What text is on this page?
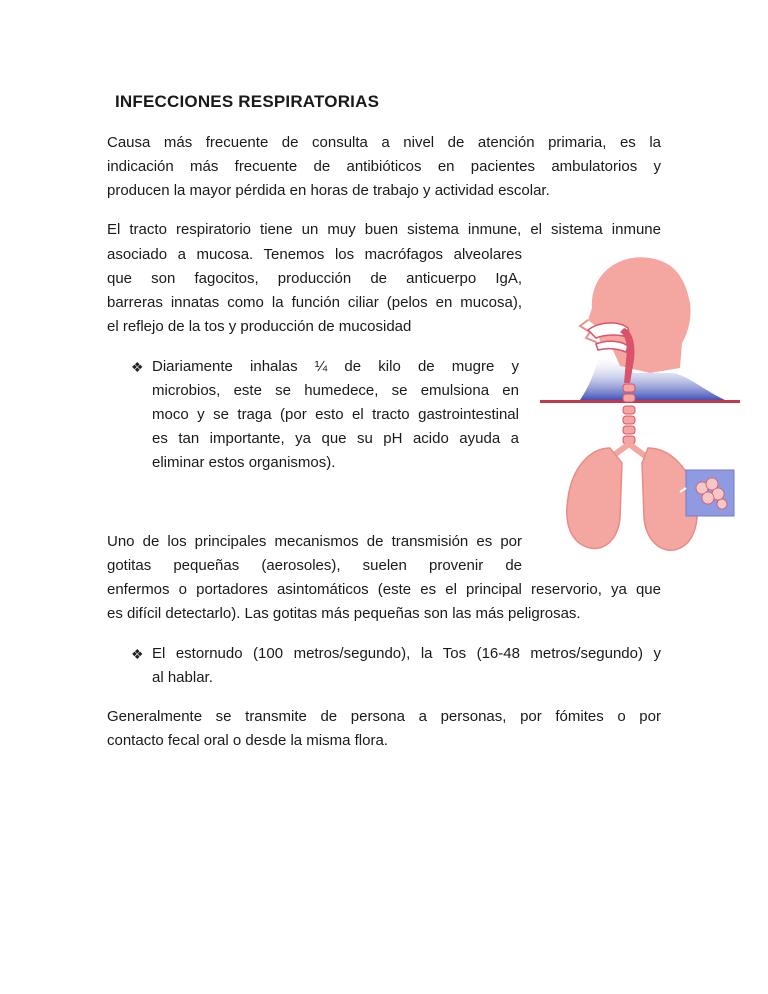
INFECCIONES RESPIRATORIAS
Causa más frecuente de consulta a nivel de atención primaria, es la
indicación más frecuente de antibióticos en pacientes ambulatorios y
producen la mayor pérdida en horas de trabajo y actividad escolar.
El tracto respiratorio tiene un muy buen sistema inmune, el sistema inmune
asociado a mucosa. Tenemos los macrófagos alveolares
que son fagocitos, producción de anticuerpo IgA,
barreras innatas como la función ciliar (pelos en mucosa),
el reflejo de la tos y producción de mucosidad
❖ Diariamente inhalas ¼ de kilo de mugre y
microbios, este se humedece, se emulsiona en
moco y se traga (por esto el tracto gastrointestinal
es tan importante, ya que su pH acido ayuda a
eliminar estos organismos).
Uno de los principales mecanismos de transmisión es por
gotitas pequeñas (aerosoles), suelen provenir de
enfermos o portadores asintomáticos (este es el principal reservorio, ya que
es difícil detectarlo). Las gotitas más pequeñas son las más peligrosas.
❖ El estornudo (100 metros/segundo), la Tos (16-48 metros/segundo) y
al hablar.
Generalmente se transmite de persona a personas, por fómites o por
contacto fecal oral o desde la misma flora.
